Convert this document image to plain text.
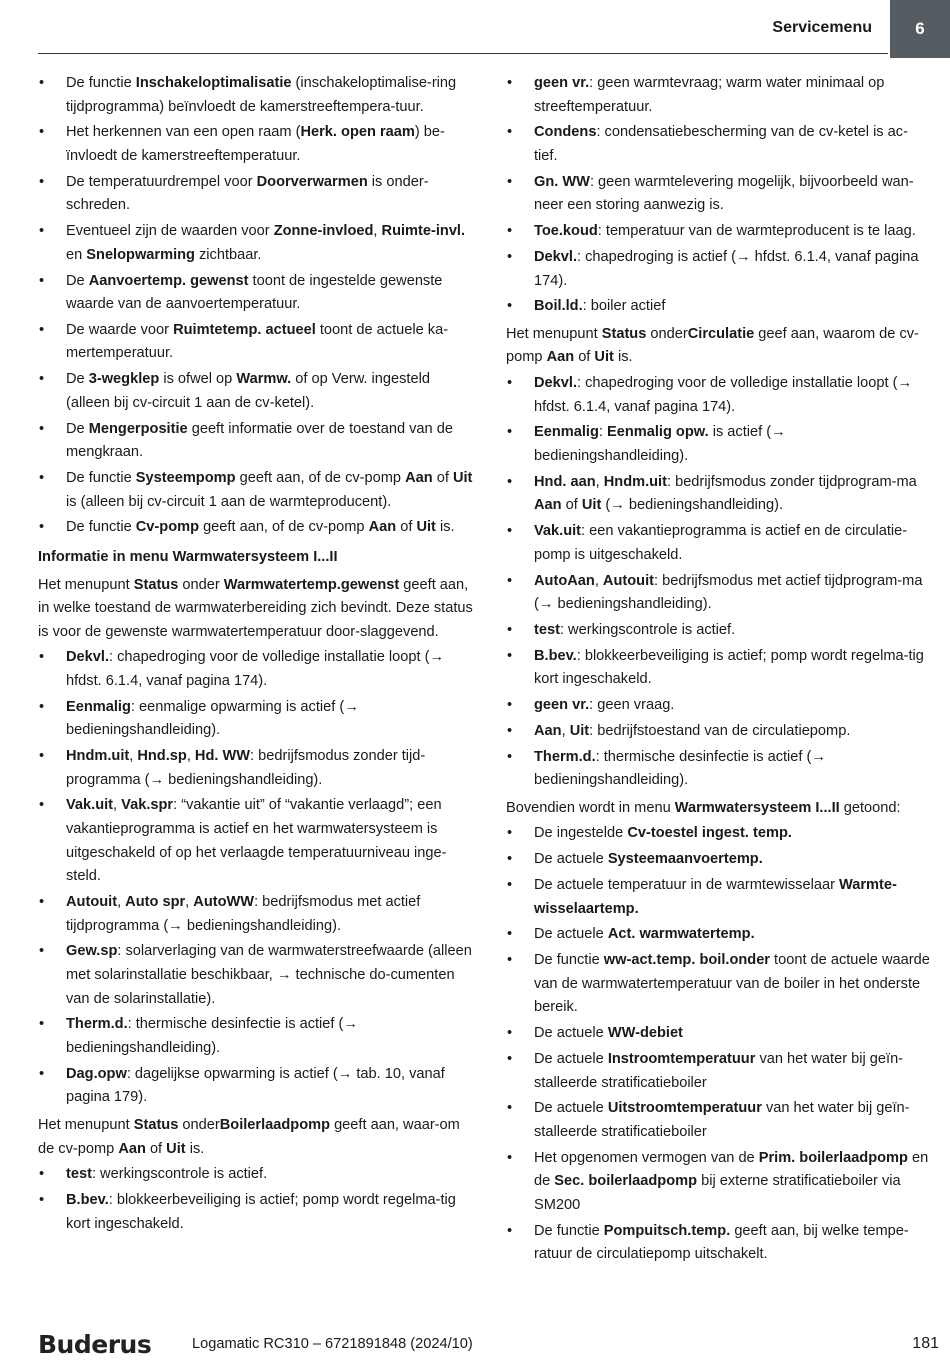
Servicemenu	6
• De functie Inschakeloptimalisatie (inschakeloptimalise-ring tijdprogramma) beïnvloedt de kamerstreeftempera-tuur.
• Het herkennen van een open raam (Herk. open raam) be-ïnvloedt de kamerstreeftemperatuur.
• De temperatuurdrempel voor Doorverwarmen is onder-schreden.
• Eventueel zijn de waarden voor Zonne-invloed, Ruimte-invl. en Snelopwarming zichtbaar.
• De Aanvoertemp. gewenst toont de ingestelde gewenste waarde van de aanvoertemperatuur.
• De waarde voor Ruimtetemp. actueel toont de actuele ka-mertemperatuur.
• De 3-wegklep is ofwel op Warmw. of op Verw. ingesteld (alleen bij cv-circuit 1 aan de cv-ketel).
• De Mengerpositie geeft informatie over de toestand van de mengkraan.
• De functie Systeempomp geeft aan, of de cv-pomp Aan of Uit is (alleen bij cv-circuit 1 aan de warmteproducent).
• De functie Cv-pomp geeft aan, of de cv-pomp Aan of Uit is.

Informatie in menu Warmwatersysteem I...II

Het menupunt Status onder Warmwatertemp.gewenst geeft aan, in welke toestand de warmwaterbereiding zich bevindt. Deze status is voor de gewenste warmwatertemperatuur door-slaggevend.

• Dekvl.: chapedroging voor de volledige installatie loopt (→ hfdst. 6.1.4, vanaf pagina 174).
• Eenmalig: eenmalige opwarming is actief (→ bedieningshandleiding).
• Hndm.uit, Hnd.sp, Hd. WW: bedrijfsmodus zonder tijd-programma (→ bedieningshandleiding).
• Vak.uit, Vak.spr: “vakantie uit” of “vakantie verlaagd”; een vakantieprogramma is actief en het warmwatersysteem is uitgeschakeld of op het verlaagde temperatuurniveau inge-steld.
• Autouit, Auto spr, AutoWW: bedrijfsmodus met actief tijdprogramma (→ bedieningshandleiding).
• Gew.sp: solarverlaging van de warmwaterstreefwaarde (alleen met solarinstallatie beschikbaar, → technische do-cumenten van de solarinstallatie).
• Therm.d.: thermische desinfectie is actief (→ bedieningshandleiding).
• Dag.opw: dagelijkse opwarming is actief (→ tab. 10, vanaf pagina 179).

Het menupunt Status onderBoilerlaadpomp geeft aan, waar-om de cv-pomp Aan of Uit is.

• test: werkingscontrole is actief.
• B.bev.: blokkeerbeveiliging is actief; pomp wordt regelma-tig kort ingeschakeld.
• geen vr.: geen warmtevraag; warm water minimaal op streeftemperatuur.
• Condens: condensatiebescherming van de cv-ketel is ac-tief.
• Gn. WW: geen warmtelevering mogelijk, bijvoorbeeld wan-neer een storing aanwezig is.
• Toe.koud: temperatuur van de warmteproducent is te laag.
• Dekvl.: chapedroging is actief (→ hfdst. 6.1.4, vanaf pagina 174).
• Boil.ld.: boiler actief

Het menupunt Status onderCirculatie geef aan, waarom de cv-pomp Aan of Uit is.

• Dekvl.: chapedroging voor de volledige installatie loopt (→ hfdst. 6.1.4, vanaf pagina 174).
• Eenmalig: Eenmalig opw. is actief (→ bedieningshandleiding).
• Hnd. aan, Hndm.uit: bedrijfsmodus zonder tijdprogram-ma Aan of Uit (→ bedieningshandleiding).
• Vak.uit: een vakantieprogramma is actief en de circulatie-pomp is uitgeschakeld.
• AutoAan, Autouit: bedrijfsmodus met actief tijdprogram-ma (→ bedieningshandleiding).
• test: werkingscontrole is actief.
• B.bev.: blokkeerbeveiliging is actief; pomp wordt regelma-tig kort ingeschakeld.
• geen vr.: geen vraag.
• Aan, Uit: bedrijfstoestand van de circulatiepomp.
• Therm.d.: thermische desinfectie is actief (→ bedieningshandleiding).

Bovendien wordt in menu Warmwatersysteem I...II getoond:

• De ingestelde Cv-toestel ingest. temp.
• De actuele Systeemaanvoertemp.
• De actuele temperatuur in de warmtewisselaar Warmte-wisselaartemp.
• De actuele Act. warmwatertemp.
• De functie ww-act.temp. boil.onder toont de actuele waarde van de warmwatertemperatuur van de boiler in het onderste bereik.
• De actuele WW-debiet
• De actuele Instroomtemperatuur van het water bij geïn-stalleerde stratificatieboiler
• De actuele Uitstroomtemperatuur van het water bij geïn-stalleerde stratificatieboiler
• Het opgenomen vermogen van de Prim. boilerlaadpomp en de Sec. boilerlaadpomp bij externe stratificatieboiler via SM200
• De functie Pompuitsch.temp. geeft aan, bij welke tempe-ratuur de circulatiepomp uitschakelt.
Buderus	Logamatic RC310 – 6721891848 (2024/10)	181
